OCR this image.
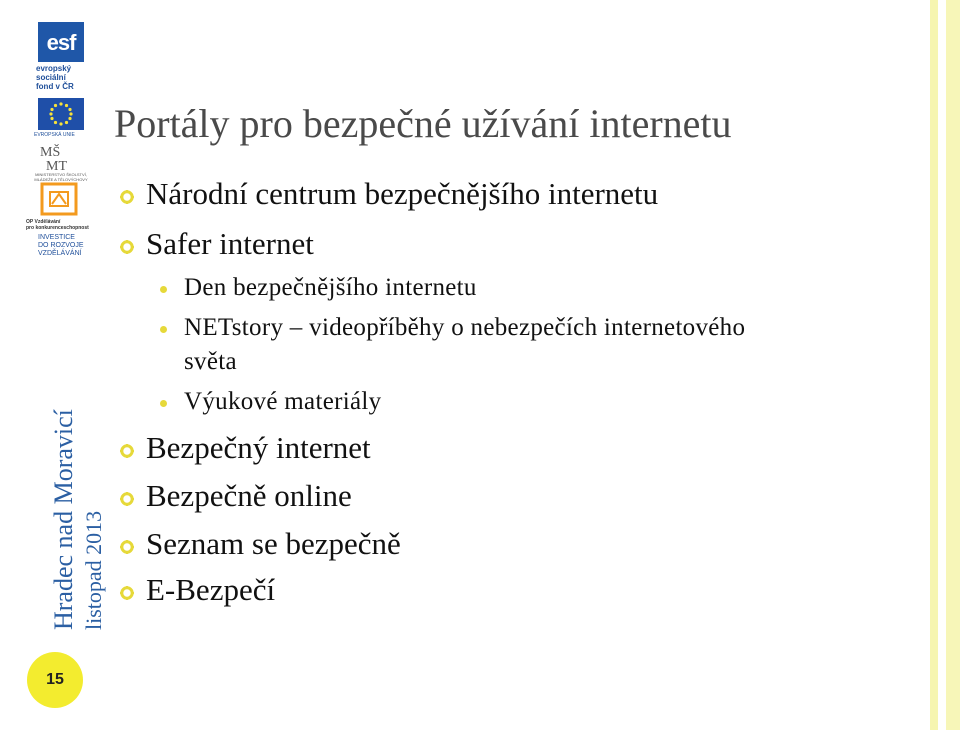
esf
evropský
sociální
fond v ČR
EVROPSKÁ UNIE
MŠ
MT
MINISTERSTVO ŠKOLSTVÍ, MLÁDEŽE A TĚLOVÝCHOVY
OP Vzdělávání
pro konkurenceschopnost
INVESTICE
DO ROZVOJE
VZDĚLÁVÁNÍ
Hradec nad Moravicí listopad 2013
15
Portály pro bezpečné užívání internetu
Národní centrum bezpečnějšího internetu
Safer internet
Den bezpečnějšího internetu
NETstory – videopříběhy o nebezpečích internetového
světa
Výukové materiály
Bezpečný internet
Bezpečně online
Seznam se bezpečně
E-Bezpečí
